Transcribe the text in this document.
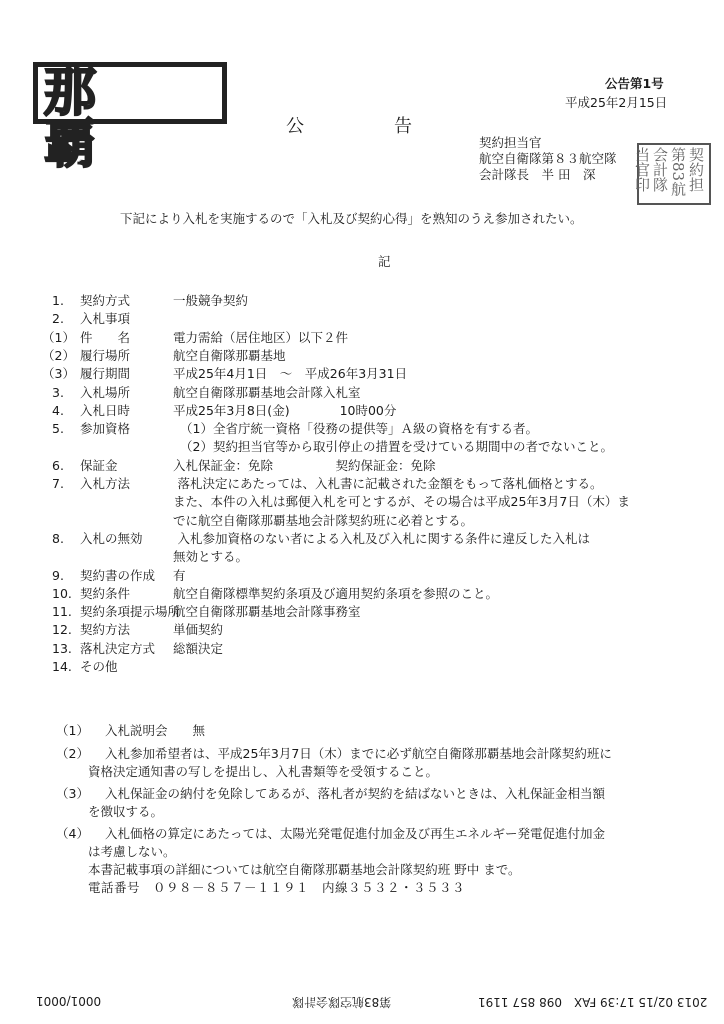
那 覇
公告第1号
平成25年2月15日
公　　告
契約担当官
航空自衛隊第８３航空隊
会計隊長　半 田　深	契約担
第83航
会計隊
当官印
下記により入札を実施するので「入札及び契約心得」を熟知のうえ参加されたい。
記
1. 契約方式	一般競争契約
2. 入札事項
（1） 件　　名	電力需給（居住地区）以下２件
（2） 履行場所	航空自衛隊那覇基地
（3） 履行期間	平成25年4月1日　～　平成26年3月31日
3. 入札場所	航空自衛隊那覇基地会計隊入札室
4. 入札日時	平成25年3月8日(金)　　　　10時00分
5. 参加資格	（1）全省庁統一資格「役務の提供等」Ａ級の資格を有する者。
（2）契約担当官等から取引停止の措置を受けている期間中の者でないこと。
6. 保証金	入札保証金：免除　　　　　契約保証金：免除
7. 入札方法	　落札決定にあたっては、入札書に記載された金額をもって落札価格とする。
また、本件の入札は郵便入札を可とするが、その場合は平成25年3月7日（木）ま
でに航空自衛隊那覇基地会計隊契約班に必着とする。
8. 入札の無効 　入札参加資格のない者による入札及び入札に関する条件に違反した入札は
無効とする。
9. 契約書の作成 有
10. 契約条件	航空自衛隊標準契約条項及び適用契約条項を参照のこと。
11. 契約条項提示場所
航空自衛隊那覇基地会計隊事務室
12. 契約方法	単価契約
13. 落札決定方式 総額決定
14. その他
（1） 入札説明会　　無
（2） 入札参加希望者は、平成25年3月7日（木）までに必ず航空自衛隊那覇基地会計隊契約班に
資格決定通知書の写しを提出し、入札書類等を受領すること。
（3） 入札保証金の納付を免除してあるが、落札者が契約を結ばないときは、入札保証金相当額
を徴収する。
（4） 入札価格の算定にあたっては、太陽光発電促進付加金及び再生エネルギー発電促進付加金
は考慮しない。
本書記載事項の詳細については航空自衛隊那覇基地会計隊契約班 野中 まで。
電話番号　０９８－８５７－１１９１　内線３５３２・３５３３
0001/0001	第83航空隊会計隊	2013 02/15 17:39 FAX　098 857 1191
